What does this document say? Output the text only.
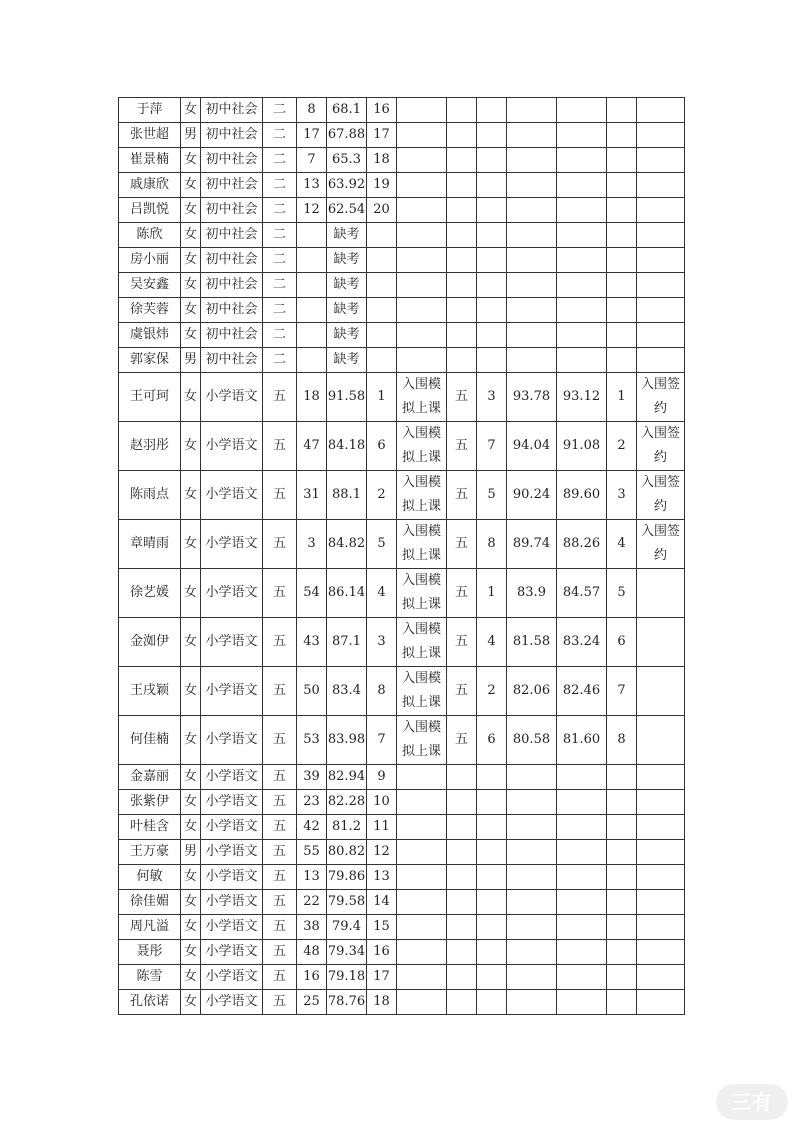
于萍	女	初中社会	二	8	68.1	16							
张世超	男	初中社会	二	17	67.88	17							
崔景楠	女	初中社会	二	7	65.3	18							
戚康欣	女	初中社会	二	13	63.92	19							
吕凯悦	女	初中社会	二	12	62.54	20							
陈欣	女	初中社会	二		缺考								
房小丽	女	初中社会	二		缺考								
吴安鑫	女	初中社会	二		缺考								
徐芙蓉	女	初中社会	二		缺考								
虞银炜	女	初中社会	二		缺考								
郭家保	男	初中社会	二		缺考								
王可珂	女	小学语文	五	18	91.58	1	入围模拟上课	五	3	93.78	93.12	1	入围签约
赵羽彤	女	小学语文	五	47	84.18	6	入围模拟上课	五	7	94.04	91.08	2	入围签约
陈雨点	女	小学语文	五	31	88.1	2	入围模拟上课	五	5	90.24	89.60	3	入围签约
章晴雨	女	小学语文	五	3	84.82	5	入围模拟上课	五	8	89.74	88.26	4	入围签约
徐艺媛	女	小学语文	五	54	86.14	4	入围模拟上课	五	1	83.9	84.57	5	
金洳伊	女	小学语文	五	43	87.1	3	入围模拟上课	五	4	81.58	83.24	6	
王戌颖	女	小学语文	五	50	83.4	8	入围模拟上课	五	2	82.06	82.46	7	
何佳楠	女	小学语文	五	53	83.98	7	入围模拟上课	五	6	80.58	81.60	8	
金嘉丽	女	小学语文	五	39	82.94	9							
张紫伊	女	小学语文	五	23	82.28	10							
叶桂含	女	小学语文	五	42	81.2	11							
王万豪	男	小学语文	五	55	80.82	12							
何敏	女	小学语文	五	13	79.86	13							
徐佳媚	女	小学语文	五	22	79.58	14							
周凡溢	女	小学语文	五	38	79.4	15							
聂彤	女	小学语文	五	48	79.34	16							
陈雪	女	小学语文	五	16	79.18	17							
孔依诺	女	小学语文	五	25	78.76	18							
三有
